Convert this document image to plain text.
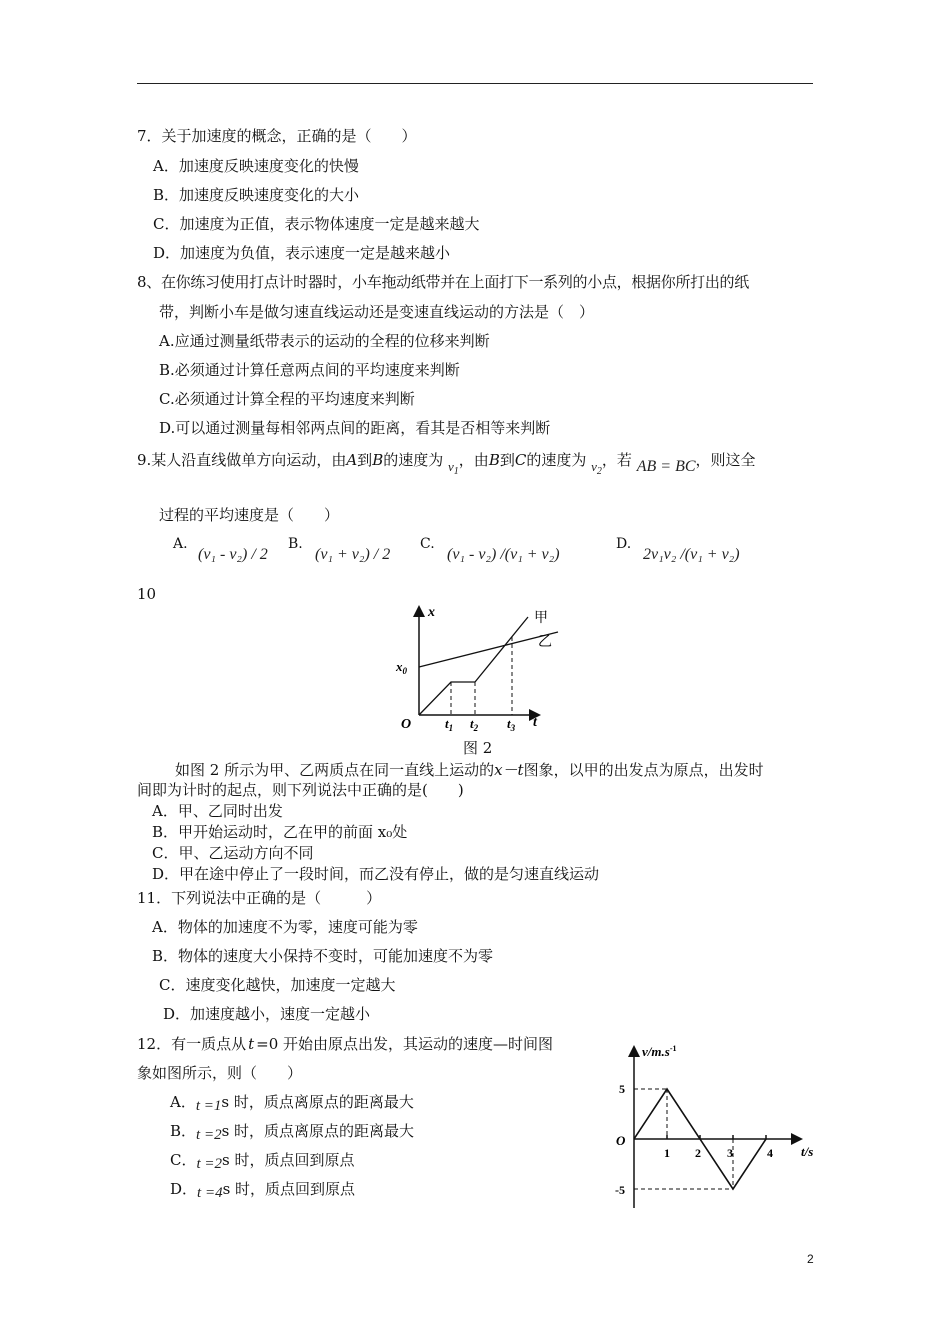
7．关于加速度的概念，正确的是（　　）
A．加速度反映速度变化的快慢
B．加速度反映速度变化的大小
C．加速度为正值，表示物体速度一定是越来越大
D．加速度为负值，表示速度一定是越来越小
8、在你练习使用打点计时器时，小车拖动纸带并在上面打下一系列的小点，根据你所打出的纸
带，判断小车是做匀速直线运动还是变速直线运动的方法是（　）
A.应通过测量纸带表示的运动的全程的位移来判断
B.必须通过计算任意两点间的平均速度来判断
C.必须通过计算全程的平均速度来判断
D.可以通过测量每相邻两点间的距离，看其是否相等来判断
9.某人沿直线做单方向运动，由A到B的速度为 $v_1$，由B到C的速度为 $v_2$，若 AB = BC，则这全
过程的平均速度是（　　）
A.
(v₁ - v₂) / 2
B.
(v₁ + v₂) / 2
C.
(v₁ - v₂) /(v₁ + v₂)
D.
2v₁v₂ /(v₁ + v₂)
10
x
t
O
$x_0$
$t_1$ $t_2$ $t_3$
甲
乙
图 2
如图 2 所示为甲、乙两质点在同一直线上运动的x－t图象，以甲的出发点为原点，出发时
间即为计时的起点，则下列说法中正确的是(　　)
A．甲、乙同时出发
B．甲开始运动时，乙在甲的前面 x₀处
C．甲、乙运动方向不同
D．甲在途中停止了一段时间，而乙没有停止，做的是匀速直线运动
11．下列说法中正确的是（　　　）
A．物体的加速度不为零，速度可能为零
B．物体的速度大小保持不变时，可能加速度不为零
C．速度变化越快，加速度一定越大
D．加速度越小，速度一定越小
12．有一质点从 t =0 开始由原点出发，其运动的速度—时间图
象如图所示，则（　　）
A．t =1s 时，质点离原点的距离最大
B．t =2s 时，质点离原点的距离最大
C．t =2s 时，质点回到原点
D．t =4s 时，质点回到原点
$v/m.s^{-1}$
t/s
O
5
-5
1 2 3	4
2
